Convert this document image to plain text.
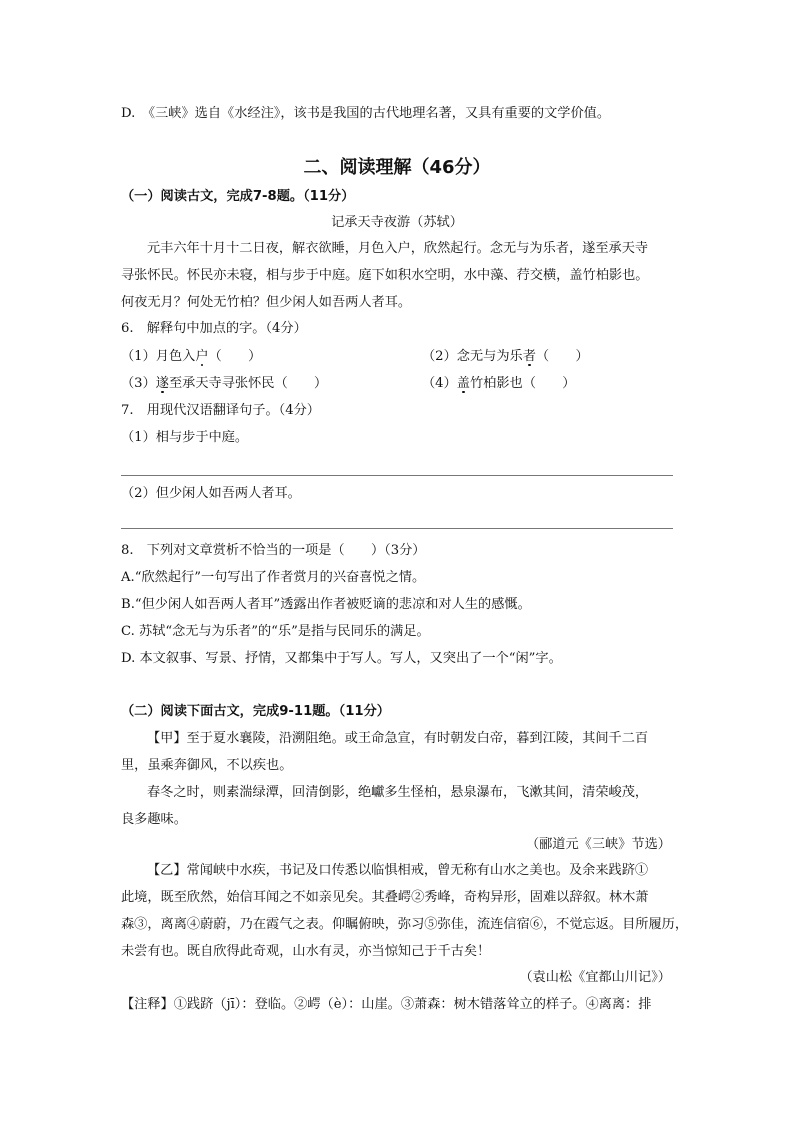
D.　《三峡》选自《水经注》，该书是我国的古代地理名著，又具有重要的文学价值。
二、阅读理解（46分）
（一）阅读古文，完成7-8题。（11分）
记承天寺夜游（苏轼）
元丰六年十月十二日夜，解衣欲睡，月色入户，欣然起行。念无与为乐者，遂至承天寺
寻张怀民。怀民亦未寝，相与步于中庭。庭下如积水空明，水中藻、荇交横，盖竹柏影也。
何夜无月？何处无竹柏？但少闲人如吾两人者耳。
6.　解释句中加点的字。（4分）
（1）月色入户（　　）	（2）念无与为乐者（　　）
（3）遂至承天寺寻张怀民（　　）	（4）盖竹柏影也（　　）
7.　用现代汉语翻译句子。（4分）
（1）相与步于中庭。
（2）但少闲人如吾两人者耳。
8.　下列对文章赏析不恰当的一项是（　　）（3分）
A.“欣然起行”一句写出了作者赏月的兴奋喜悦之情。
B.“但少闲人如吾两人者耳”透露出作者被贬谪的悲凉和对人生的感慨。
C. 苏轼“念无与为乐者”的“乐”是指与民同乐的满足。
D. 本文叙事、写景、抒情，又都集中于写人。写人，又突出了一个“闲”字。
（二）阅读下面古文，完成9-11题。（11分）
【甲】至于夏水襄陵，沿溯阻绝。或王命急宣，有时朝发白帝，暮到江陵，其间千二百
里，虽乘奔御风，不以疾也。
春冬之时，则素湍绿潭，回清倒影，绝巘多生怪柏，悬泉瀑布，飞漱其间，清荣峻茂，
良多趣味。
（郦道元《三峡》节选）
【乙】常闻峡中水疾，书记及口传悉以临惧相戒，曾无称有山水之美也。及余来践跻①
此境，既至欣然，始信耳闻之不如亲见矣。其叠崿②秀峰，奇构异形，固难以辞叙。林木萧
森③，离离④蔚蔚，乃在霞气之表。仰瞩俯映，弥习⑤弥佳，流连信宿⑥，不觉忘返。目所履历，
未尝有也。既自欣得此奇观，山水有灵，亦当惊知己于千古矣！
（袁山松《宜都山川记》）
【注释】①践跻（jī）：登临。②崿（è）：山崖。③萧森：树木错落耸立的样子。④离离：排
